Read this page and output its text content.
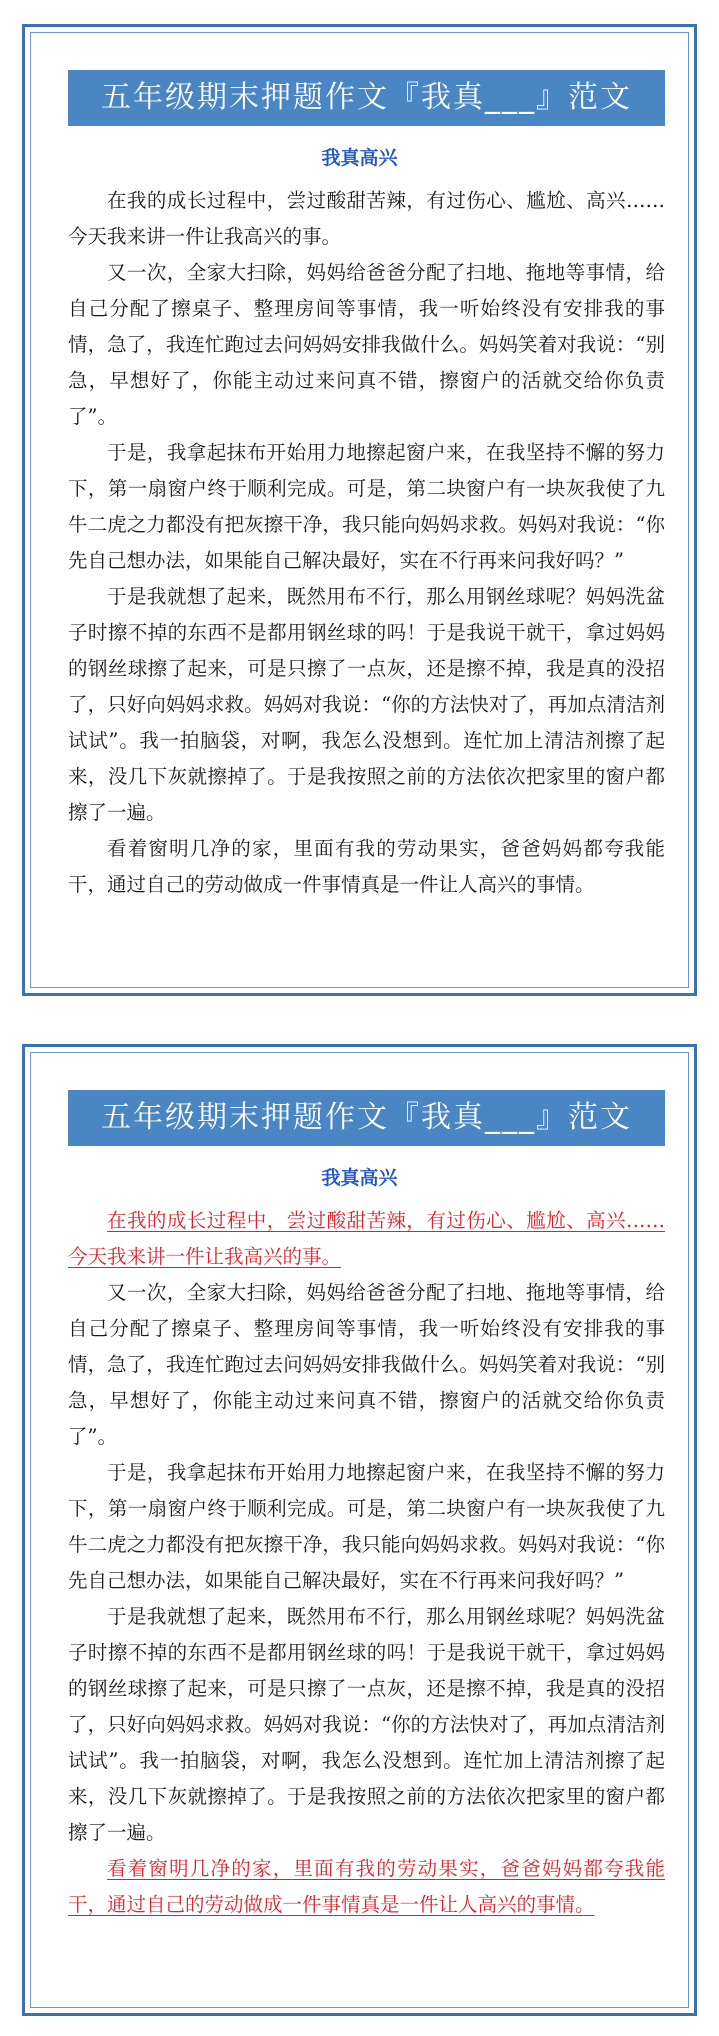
五年级期末押题作文『我真___』范文
我真高兴

在我的成长过程中，尝过酸甜苦辣，有过伤心、尴尬、高兴……今天我来讲一件让我高兴的事。

又一次，全家大扫除，妈妈给爸爸分配了扫地、拖地等事情，给自己分配了擦桌子、整理房间等事情，我一听始终没有安排我的事情，急了，我连忙跑过去问妈妈安排我做什么。妈妈笑着对我说：“别急，早想好了，你能主动过来问真不错，擦窗户的活就交给你负责了”。

于是，我拿起抹布开始用力地擦起窗户来，在我坚持不懈的努力下，第一扇窗户终于顺利完成。可是，第二块窗户有一块灰我使了九牛二虎之力都没有把灰擦干净，我只能向妈妈求救。妈妈对我说：“你先自己想办法，如果能自己解决最好，实在不行再来问我好吗？”

于是我就想了起来，既然用布不行，那么用钢丝球呢？妈妈洗盆子时擦不掉的东西不是都用钢丝球的吗！于是我说干就干，拿过妈妈的钢丝球擦了起来，可是只擦了一点灰，还是擦不掉，我是真的没招了，只好向妈妈求救。妈妈对我说：“你的方法快对了，再加点清洁剂试试”。我一拍脑袋，对啊，我怎么没想到。连忙加上清洁剂擦了起来，没几下灰就擦掉了。于是我按照之前的方法依次把家里的窗户都擦了一遍。

看着窗明几净的家，里面有我的劳动果实，爸爸妈妈都夸我能干，通过自己的劳动做成一件事情真是一件让人高兴的事情。

五年级期末押题作文『我真___』范文
我真高兴

在我的成长过程中，尝过酸甜苦辣，有过伤心、尴尬、高兴……今天我来讲一件让我高兴的事。

又一次，全家大扫除，妈妈给爸爸分配了扫地、拖地等事情，给自己分配了擦桌子、整理房间等事情，我一听始终没有安排我的事情，急了，我连忙跑过去问妈妈安排我做什么。妈妈笑着对我说：“别急，早想好了，你能主动过来问真不错，擦窗户的活就交给你负责了”。

于是，我拿起抹布开始用力地擦起窗户来，在我坚持不懈的努力下，第一扇窗户终于顺利完成。可是，第二块窗户有一块灰我使了九牛二虎之力都没有把灰擦干净，我只能向妈妈求救。妈妈对我说：“你先自己想办法，如果能自己解决最好，实在不行再来问我好吗？”

于是我就想了起来，既然用布不行，那么用钢丝球呢？妈妈洗盆子时擦不掉的东西不是都用钢丝球的吗！于是我说干就干，拿过妈妈的钢丝球擦了起来，可是只擦了一点灰，还是擦不掉，我是真的没招了，只好向妈妈求救。妈妈对我说：“你的方法快对了，再加点清洁剂试试”。我一拍脑袋，对啊，我怎么没想到。连忙加上清洁剂擦了起来，没几下灰就擦掉了。于是我按照之前的方法依次把家里的窗户都擦了一遍。

看着窗明几净的家，里面有我的劳动果实，爸爸妈妈都夸我能干，通过自己的劳动做成一件事情真是一件让人高兴的事情。
